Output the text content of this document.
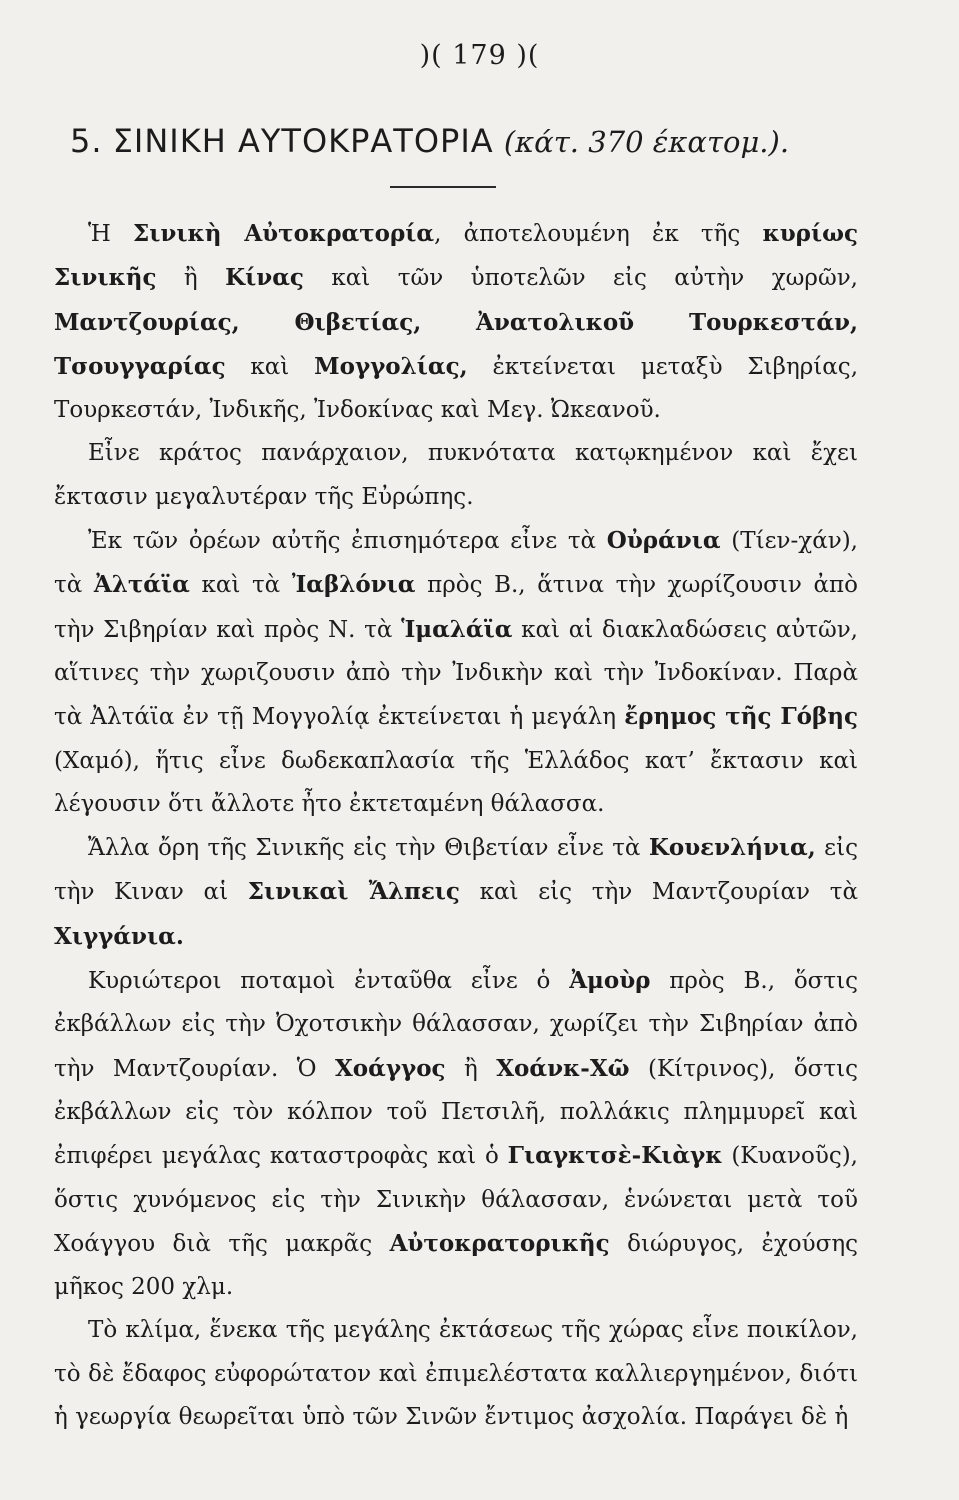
)( 179 )(
5. ΣΙΝΙΚΗ ΑΥΤΟΚΡΑΤΟΡΙΑ (κάτ. 370 έκατομ.).

Ἡ Σινικὴ Αὐτοκρατορία, ἀποτελουμένη ἐκ τῆς κυρίως Σινικῆς ἢ Κίνας καὶ τῶν ὑποτελῶν εἰς αὐτὴν χωρῶν, Μαντζουρίας, Θιβετίας, Ἀνατολικοῦ Τουρκεστάν, Τσουγγαρίας καὶ Μογγολίας, ἐκτείνεται μεταξὺ Σιβηρίας, Τουρκεστάν, Ἰνδικῆς, Ἰνδοκίνας καὶ Μεγ. Ὠκεανοῦ.

Εἶνε κράτος πανάρχαιον, πυκνότατα κατῳκημένον καὶ ἔχει ἔκτασιν μεγαλυτέραν τῆς Εὐρώπης.

Ἐκ τῶν ὀρέων αὐτῆς ἐπισημότερα εἶνε τὰ Οὐράνια (Τίεν-χάν), τὰ Ἀλτάϊα καὶ τὰ Ἰαβλόνια πρὸς Β., ἅτινα τὴν χωρίζουσιν ἀπὸ τὴν Σιβηρίαν καὶ πρὸς Ν. τὰ Ἱμαλάϊα καὶ αἱ διακλαδώσεις αὐτῶν, αἵτινες τὴν χωριζουσιν ἀπὸ τὴν Ἰνδικὴν καὶ τὴν Ἰνδοκίναν. Παρὰ τὰ Ἀλτάϊα ἐν τῇ Μογγολίᾳ ἐκτείνεται ἡ μεγάλη ἔρημος τῆς Γόβης (Χαμό), ἥτις εἶνε δωδεκαπλασία τῆς Ἑλλάδος κατ’ ἔκτασιν καὶ λέγουσιν ὅτι ἄλλοτε ἦτο ἐκτεταμένη θάλασσα.

Ἄλλα ὄρη τῆς Σινικῆς εἰς τὴν Θιβετίαν εἶνε τὰ Κουενλήνια, εἰς τὴν Κιναν αἱ Σινικαὶ Ἄλπεις καὶ εἰς τὴν Μαντζουρίαν τὰ Χιγγάνια.

Κυριώτεροι ποταμοὶ ἐνταῦθα εἶνε ὁ Ἀμοὺρ πρὸς Β., ὅστις ἐκβάλλων εἰς τὴν Ὀχοτσικὴν θάλασσαν, χωρίζει τὴν Σιβηρίαν ἀπὸ τὴν Μαντζουρίαν. Ὁ Χοάγγος ἢ Χοάνκ-Χῶ (Κίτρινος), ὅστις ἐκβάλλων εἰς τὸν κόλπον τοῦ Πετσιλῆ, πολλάκις πλημμυρεῖ καὶ ἐπιφέρει μεγάλας καταστροφὰς καὶ ὁ Γιαγκτσὲ-Κιὰγκ (Κυανοῦς), ὅστις χυνόμενος εἰς τὴν Σινικὴν θάλασσαν, ἑνώνεται μετὰ τοῦ Χοάγγου διὰ τῆς μακρᾶς Αὐτοκρατορικῆς διώρυγος, ἐχούσης μῆκος 200 χλμ.

Τὸ κλίμα, ἕνεκα τῆς μεγάλης ἐκτάσεως τῆς χώρας εἶνε ποικίλον, τὸ δὲ ἔδαφος εὐφορώτατον καὶ ἐπιμελέστατα καλλιεργημένον, διότι ἡ γεωργία θεωρεῖται ὑπὸ τῶν Σινῶν ἔντιμος ἀσχολία. Παράγει δὲ ἡ
